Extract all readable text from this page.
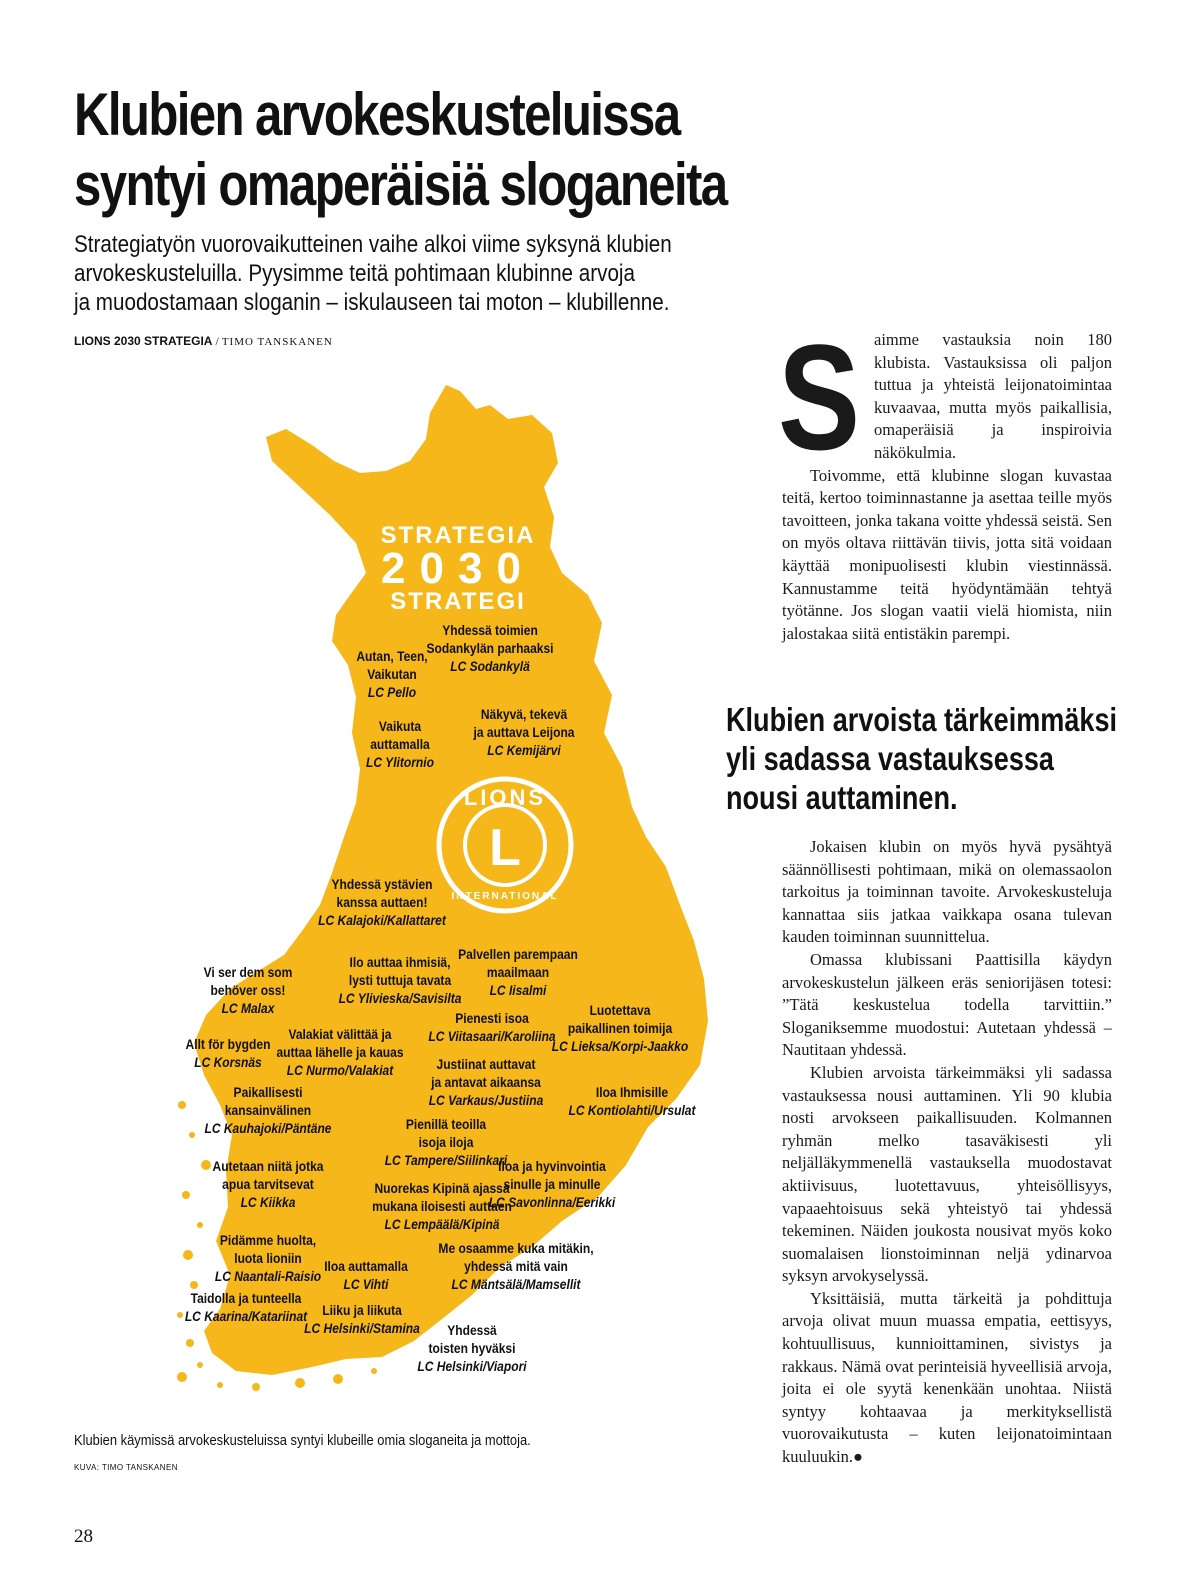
Klubien arvokeskusteluissa
syntyi omaperäisiä sloganeita

Strategiatyön vuorovaikutteinen vaihe alkoi viime syksynä klubien
arvokeskusteluilla. Pyysimme teitä pohtimaan klubinne arvoja
ja muodostamaan sloganin – iskulauseen tai moton – klubillenne.

LIONS 2030 STRATEGIA / TIMO TANSKANEN
STRATEGIA
2030
STRATEGI
L
LIONS
INTERNATIONAL
Yhdessä toimien
Sodankylän parhaaksi
LC Sodankylä
Autan, Teen,
Vaikutan
LC Pello
Näkyvä, tekevä
ja auttava Leijona
LC Kemijärvi
Vaikuta
auttamalla
LC Ylitornio
Yhdessä ystävien
kanssa auttaen!
LC Kalajoki/Kallattaret
Palvellen parempaan
maailmaan
LC Iisalmi
Ilo auttaa ihmisiä,
lysti tuttuja tavata
LC Ylivieska/Savisilta
Vi ser dem som
behöver oss!
LC Malax
Pienesti isoa
LC Viitasaari/Karoliina
Luotettava
paikallinen toimija
LC Lieksa/Korpi-Jaakko
Valakiat välittää ja
auttaa lähelle ja kauas
LC Nurmo/Valakiat
Allt för bygden
LC Korsnäs	Justiinat auttavat
ja antavat aikaansa
LC Varkaus/Justiina
Paikallisesti
kansainvälinen
LC Kauhajoki/Päntäne
Iloa Ihmisille
LC Kontiolahti/Ursulat
Pienillä teoilla
isoja iloja
LC Tampere/Siilinkari
Autetaan niitä jotka
apua tarvitsevat
LC Kiikka
Iloa ja hyvinvointia
sinulle ja minulle
LC Savonlinna/Eerikki
Nuorekas Kipinä ajassa
mukana iloisesti auttaen
LC Lempäälä/Kipinä
Pidämme huolta,
luota lioniin
LC Naantali-Raisio
Me osaamme kuka mitäkin,
yhdessä mitä vain
LC Mäntsälä/Mamsellit
Iloa auttamalla
LC Vihti
Taidolla ja tunteella
LC Kaarina/Katariinat Liiku ja liikuta
LC Helsinki/Stamina Yhdessä
toisten hyväksi
LC Helsinki/Viapori
Klubien käymissä arvokeskusteluissa syntyi klubeille omia sloganeita ja mottoja.
KUVA: TIMO TANSKANEN
28
S aimme vastauksia noin 180 klubista. Vastauksissa oli paljon tuttua ja yhteistä leijonatoimintaa kuvaavaa, mutta myös paikallisia, omaperäisiä ja inspiroivia näkökulmia.

Toivomme, että klubinne slogan kuvastaa teitä, kertoo toiminnastanne ja asettaa teille myös tavoitteen, jonka takana voitte yhdessä seistä. Sen on myös oltava riittävän tiivis, jotta sitä voidaan käyttää monipuolisesti klubin viestinnässä. Kannustamme teitä hyödyntämään tehtyä työtänne. Jos slogan vaatii vielä hiomista, niin jalostakaa siitä entistäkin parempi.

Klubien arvoista tärkeimmäksi
yli sadassa vastauksessa
nousi auttaminen.

Jokaisen klubin on myös hyvä pysähtyä säännöllisesti pohtimaan, mikä on olemassaolon tarkoitus ja toiminnan tavoite. Arvokeskusteluja kannattaa siis jatkaa vaikkapa osana tulevan kauden toiminnan suunnittelua.

Omassa klubissani Paattisilla käydyn arvokeskustelun jälkeen eräs seniorijäsen totesi: ”Tätä keskustelua todella tarvittiin.” Sloganiksemme muodostui: Autetaan yhdessä – Nautitaan yhdessä.

Klubien arvoista tärkeimmäksi yli sadassa vastauksessa nousi auttaminen. Yli 90 klubia nosti arvokseen paikallisuuden. Kolmannen ryhmän melko tasaväkisesti yli neljälläkymmenellä vastauksella muodostavat aktiivisuus, luotettavuus, yhteisöllisyys, vapaaehtoisuus sekä yhteistyö tai yhdessä tekeminen. Näiden joukosta nousivat myös koko suomalaisen lionstoiminnan neljä ydinarvoa syksyn arvokyselyssä.

Yksittäisiä, mutta tärkeitä ja pohdittuja arvoja olivat muun muassa empatia, eettisyys, kohtuullisuus, kunnioittaminen, sivistys ja rakkaus. Nämä ovat perinteisiä hyveellisiä arvoja, joita ei ole syytä kenenkään unohtaa. Niistä syntyy kohtaavaa ja merkityksellistä vuorovaikutusta – kuten leijonatoimintaan kuuluukin.●
